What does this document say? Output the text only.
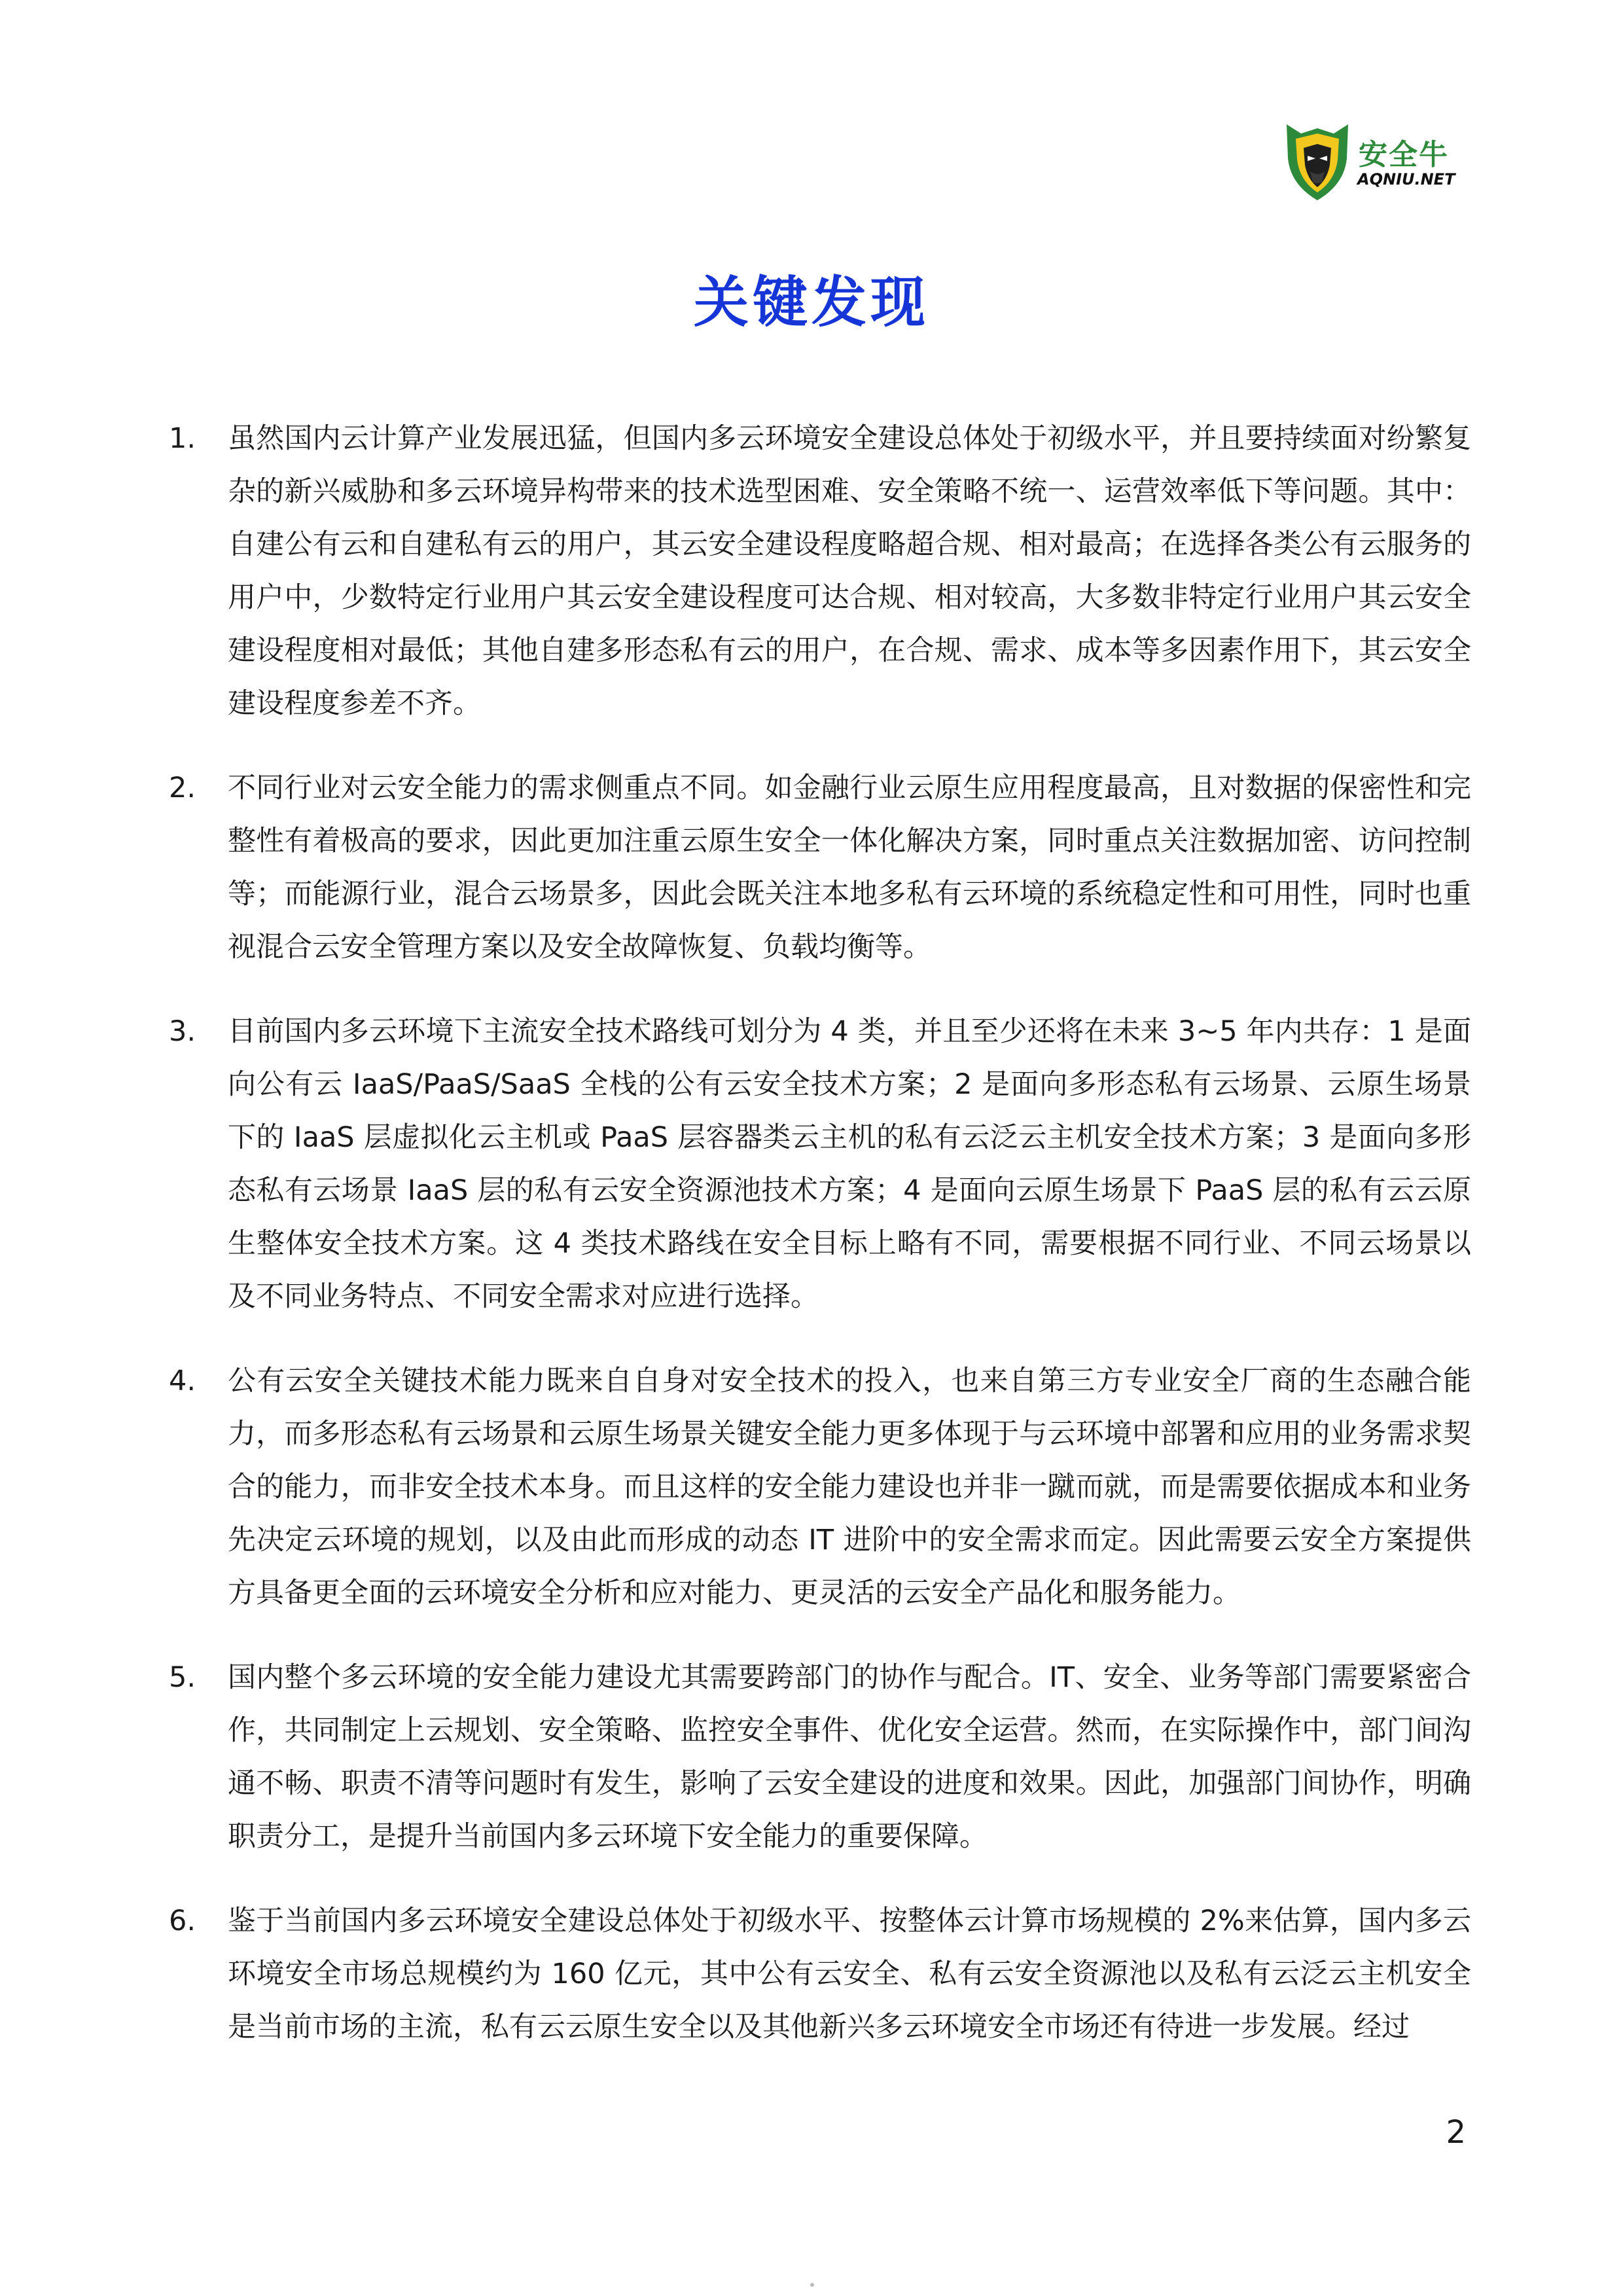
安全牛
AQNIU.NET
关键发现
1.	虽然国内云计算产业发展迅猛，但国内多云环境安全建设总体处于初级水平，并且要持续面对纷繁复杂的新兴威胁和多云环境异构带来的技术选型困难、安全策略不统一、运营效率低下等问题。其中：自建公有云和自建私有云的用户，其云安全建设程度略超合规、相对最高；在选择各类公有云服务的用户中，少数特定行业用户其云安全建设程度可达合规、相对较高，大多数非特定行业用户其云安全建设程度相对最低；其他自建多形态私有云的用户，在合规、需求、成本等多因素作用下，其云安全建设程度参差不齐。

2.	不同行业对云安全能力的需求侧重点不同。如金融行业云原生应用程度最高，且对数据的保密性和完整性有着极高的要求，因此更加注重云原生安全一体化解决方案，同时重点关注数据加密、访问控制等；而能源行业，混合云场景多，因此会既关注本地多私有云环境的系统稳定性和可用性，同时也重视混合云安全管理方案以及安全故障恢复、负载均衡等。

3.	目前国内多云环境下主流安全技术路线可划分为 4 类，并且至少还将在未来 3~5 年内共存：1 是面向公有云 IaaS/PaaS/SaaS 全栈的公有云安全技术方案；2 是面向多形态私有云场景、云原生场景下的 IaaS 层虚拟化云主机或 PaaS 层容器类云主机的私有云泛云主机安全技术方案；3 是面向多形态私有云场景 IaaS 层的私有云安全资源池技术方案；4 是面向云原生场景下 PaaS 层的私有云云原生整体安全技术方案。这 4 类技术路线在安全目标上略有不同，需要根据不同行业、不同云场景以及不同业务特点、不同安全需求对应进行选择。

4.	公有云安全关键技术能力既来自自身对安全技术的投入，也来自第三方专业安全厂商的生态融合能力，而多形态私有云场景和云原生场景关键安全能力更多体现于与云环境中部署和应用的业务需求契合的能力，而非安全技术本身。而且这样的安全能力建设也并非一蹴而就，而是需要依据成本和业务先决定云环境的规划，以及由此而形成的动态 IT 进阶中的安全需求而定。因此需要云安全方案提供方具备更全面的云环境安全分析和应对能力、更灵活的云安全产品化和服务能力。

5.	国内整个多云环境的安全能力建设尤其需要跨部门的协作与配合。IT、安全、业务等部门需要紧密合作，共同制定上云规划、安全策略、监控安全事件、优化安全运营。然而，在实际操作中，部门间沟通不畅、职责不清等问题时有发生，影响了云安全建设的进度和效果。因此，加强部门间协作，明确职责分工，是提升当前国内多云环境下安全能力的重要保障。

6.	鉴于当前国内多云环境安全建设总体处于初级水平、按整体云计算市场规模的 2%来估算，国内多云环境安全市场总规模约为 160 亿元，其中公有云安全、私有云安全资源池以及私有云泛云主机安全是当前市场的主流，私有云云原生安全以及其他新兴多云环境安全市场还有待进一步发展。经过

2
